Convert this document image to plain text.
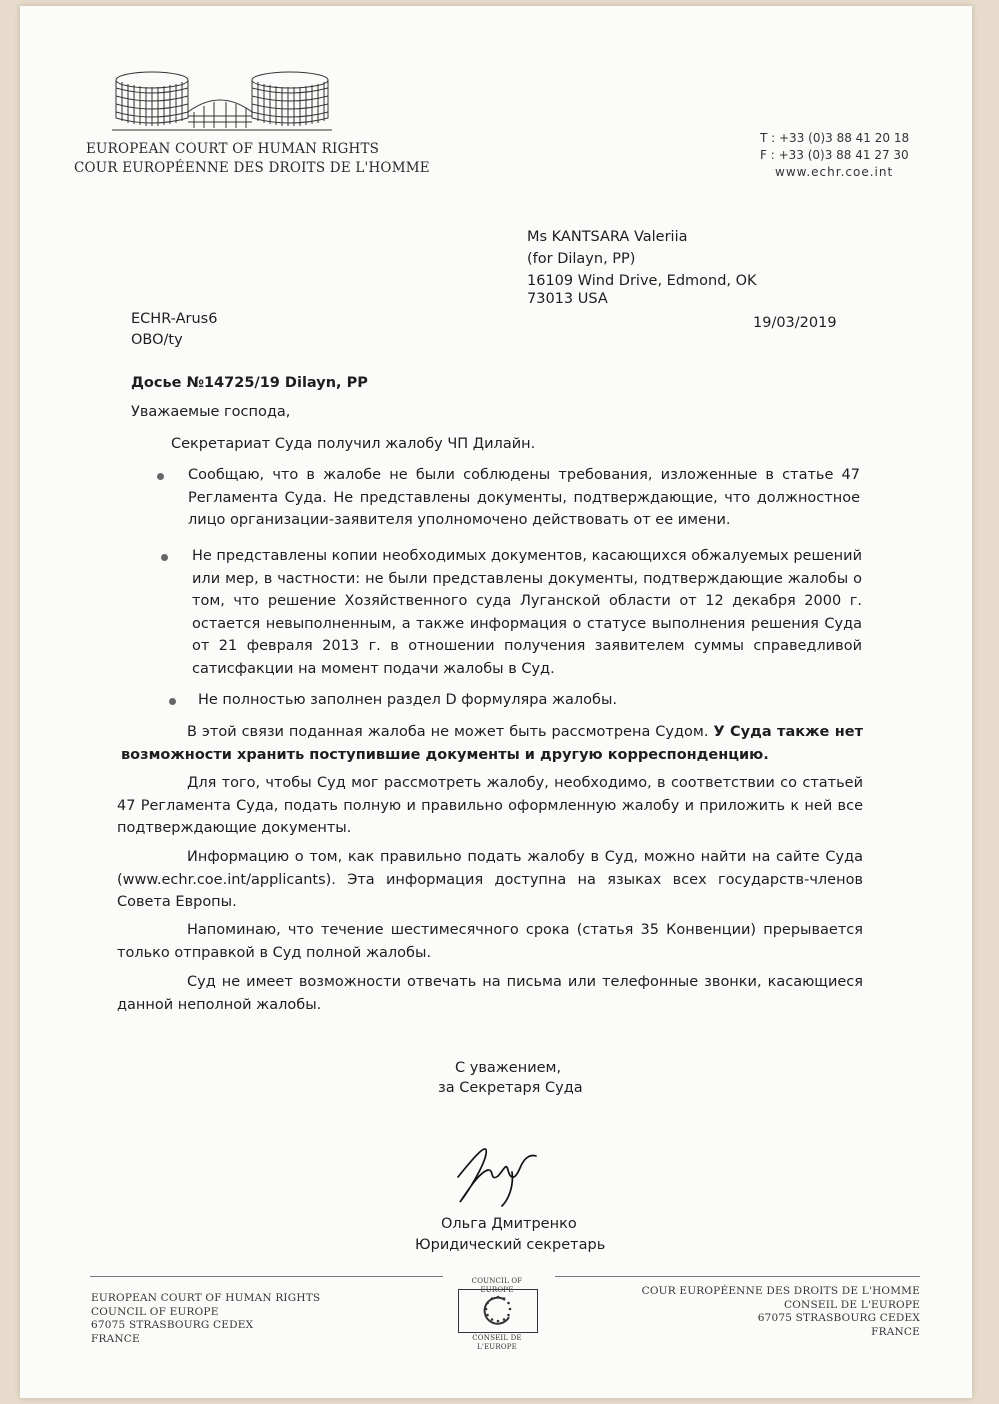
EUROPEAN COURT OF HUMAN RIGHTS
COUR EUROPÉENNE DES DROITS DE L'HOMME
T : +33 (0)3 88 41 20 18
F : +33 (0)3 88 41 27 30
www.echr.coe.int
Ms KANTSARA Valeriia
(for Dilayn, PP)
16109 Wind Drive, Edmond, OK
73013 USA
ECHR-Arus6
OBO/ty
19/03/2019
Досье №14725/19 Dilayn, PP
Уважаемые господа,
Секретариат Суда получил жалобу ЧП Дилайн.
Сообщаю, что в жалобе не были соблюдены требования, изложенные в статье 47 Регламента Суда. Не представлены документы, подтверждающие, что должностное лицо организации-заявителя уполномочено действовать от ее имени.
Не представлены копии необходимых документов, касающихся обжалуемых решений или мер, в частности: не были представлены документы, подтверждающие жалобы о том, что решение Хозяйственного суда Луганской области от 12 декабря 2000 г. остается невыполненным, а также информация о статусе выполнения решения Суда от 21 февраля 2013 г. в отношении получения заявителем суммы справедливой сатисфакции на момент подачи жалобы в Суд.
Не полностью заполнен раздел D формуляра жалобы.
В этой связи поданная жалоба не может быть рассмотрена Судом. У Суда также нет возможности хранить поступившие документы и другую корреспонденцию.
Для того, чтобы Суд мог рассмотреть жалобу, необходимо, в соответствии со статьей 47 Регламента Суда, подать полную и правильно оформленную жалобу и приложить к ней все подтверждающие документы.
Информацию о том, как правильно подать жалобу в Суд, можно найти на сайте Суда (www.echr.coe.int/applicants). Эта информация доступна на языках всех государств-членов Совета Европы.
Напоминаю, что течение шестимесячного срока (статья 35 Конвенции) прерывается только отправкой в Суд полной жалобы.
Суд не имеет возможности отвечать на письма или телефонные звонки, касающиеся данной неполной жалобы.
С уважением,
за Секретаря Суда
Ольга Дмитренко
Юридический секретарь
EUROPEAN COURT OF HUMAN RIGHTS
COUNCIL OF EUROPE
67075 STRASBOURG CEDEX
FRANCE
COUNCIL OF EUROPE
CONSEIL DE L'EUROPE
COUR EUROPÉENNE DES DROITS DE L'HOMME
CONSEIL DE L'EUROPE
67075 STRASBOURG CEDEX
FRANCE
